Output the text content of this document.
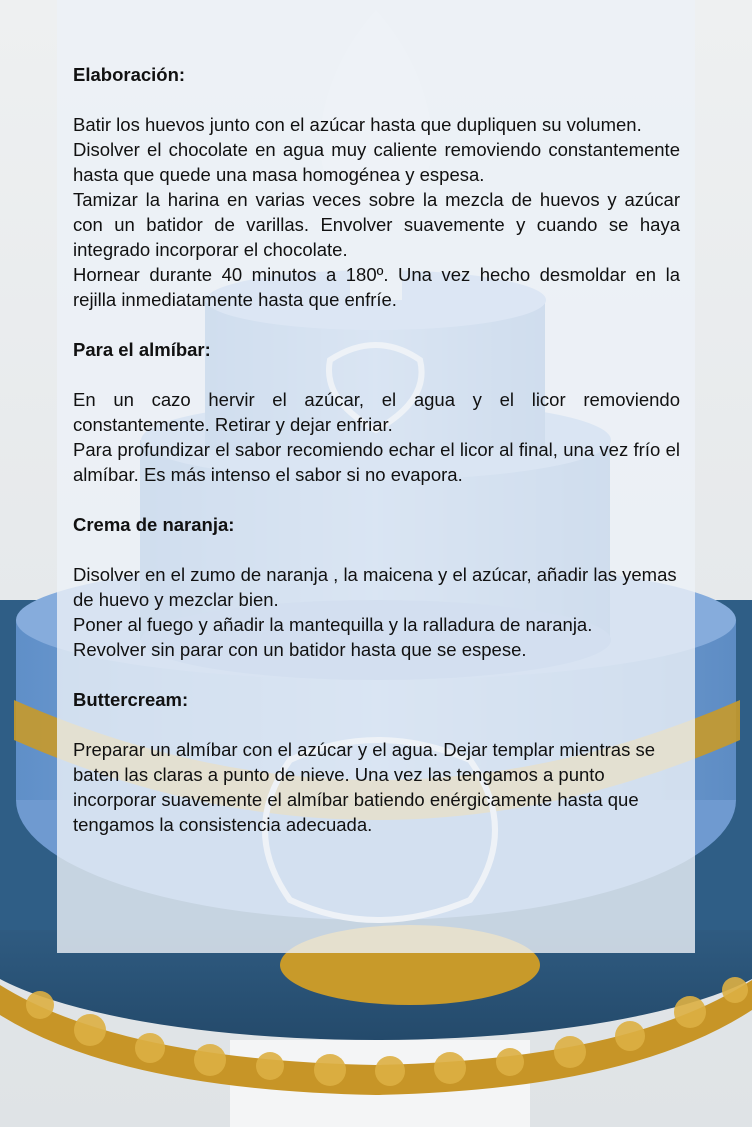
Elaboración:

Batir los huevos junto con el azúcar hasta que dupliquen su volumen.

Disolver el chocolate en agua muy caliente removiendo constantemente hasta que quede una masa homogénea y espesa.

Tamizar la harina en varias veces sobre la mezcla de huevos y azúcar con un batidor de varillas. Envolver suavemente y cuando se haya integrado incorporar el chocolate.

Hornear durante 40 minutos a 180º. Una vez hecho desmoldar en la rejilla inmediatamente hasta que enfríe.

Para el almíbar:

En un cazo hervir el azúcar, el agua y el licor removiendo constantemente. Retirar y dejar enfriar.

Para profundizar el sabor recomiendo echar el licor al final, una vez frío el almíbar. Es más intenso el sabor si no evapora.

Crema de naranja:

Disolver en el zumo de naranja , la maicena y el azúcar, añadir las yemas de huevo y mezclar bien.

Poner al fuego y añadir la mantequilla y la ralladura de naranja.

Revolver sin parar con un batidor hasta que se espese.

Buttercream:

Preparar un almíbar con el azúcar y el agua. Dejar templar mientras se baten las claras a punto de nieve. Una vez las tengamos a punto incorporar suavemente el almíbar batiendo enérgicamente hasta que tengamos la consistencia adecuada.
